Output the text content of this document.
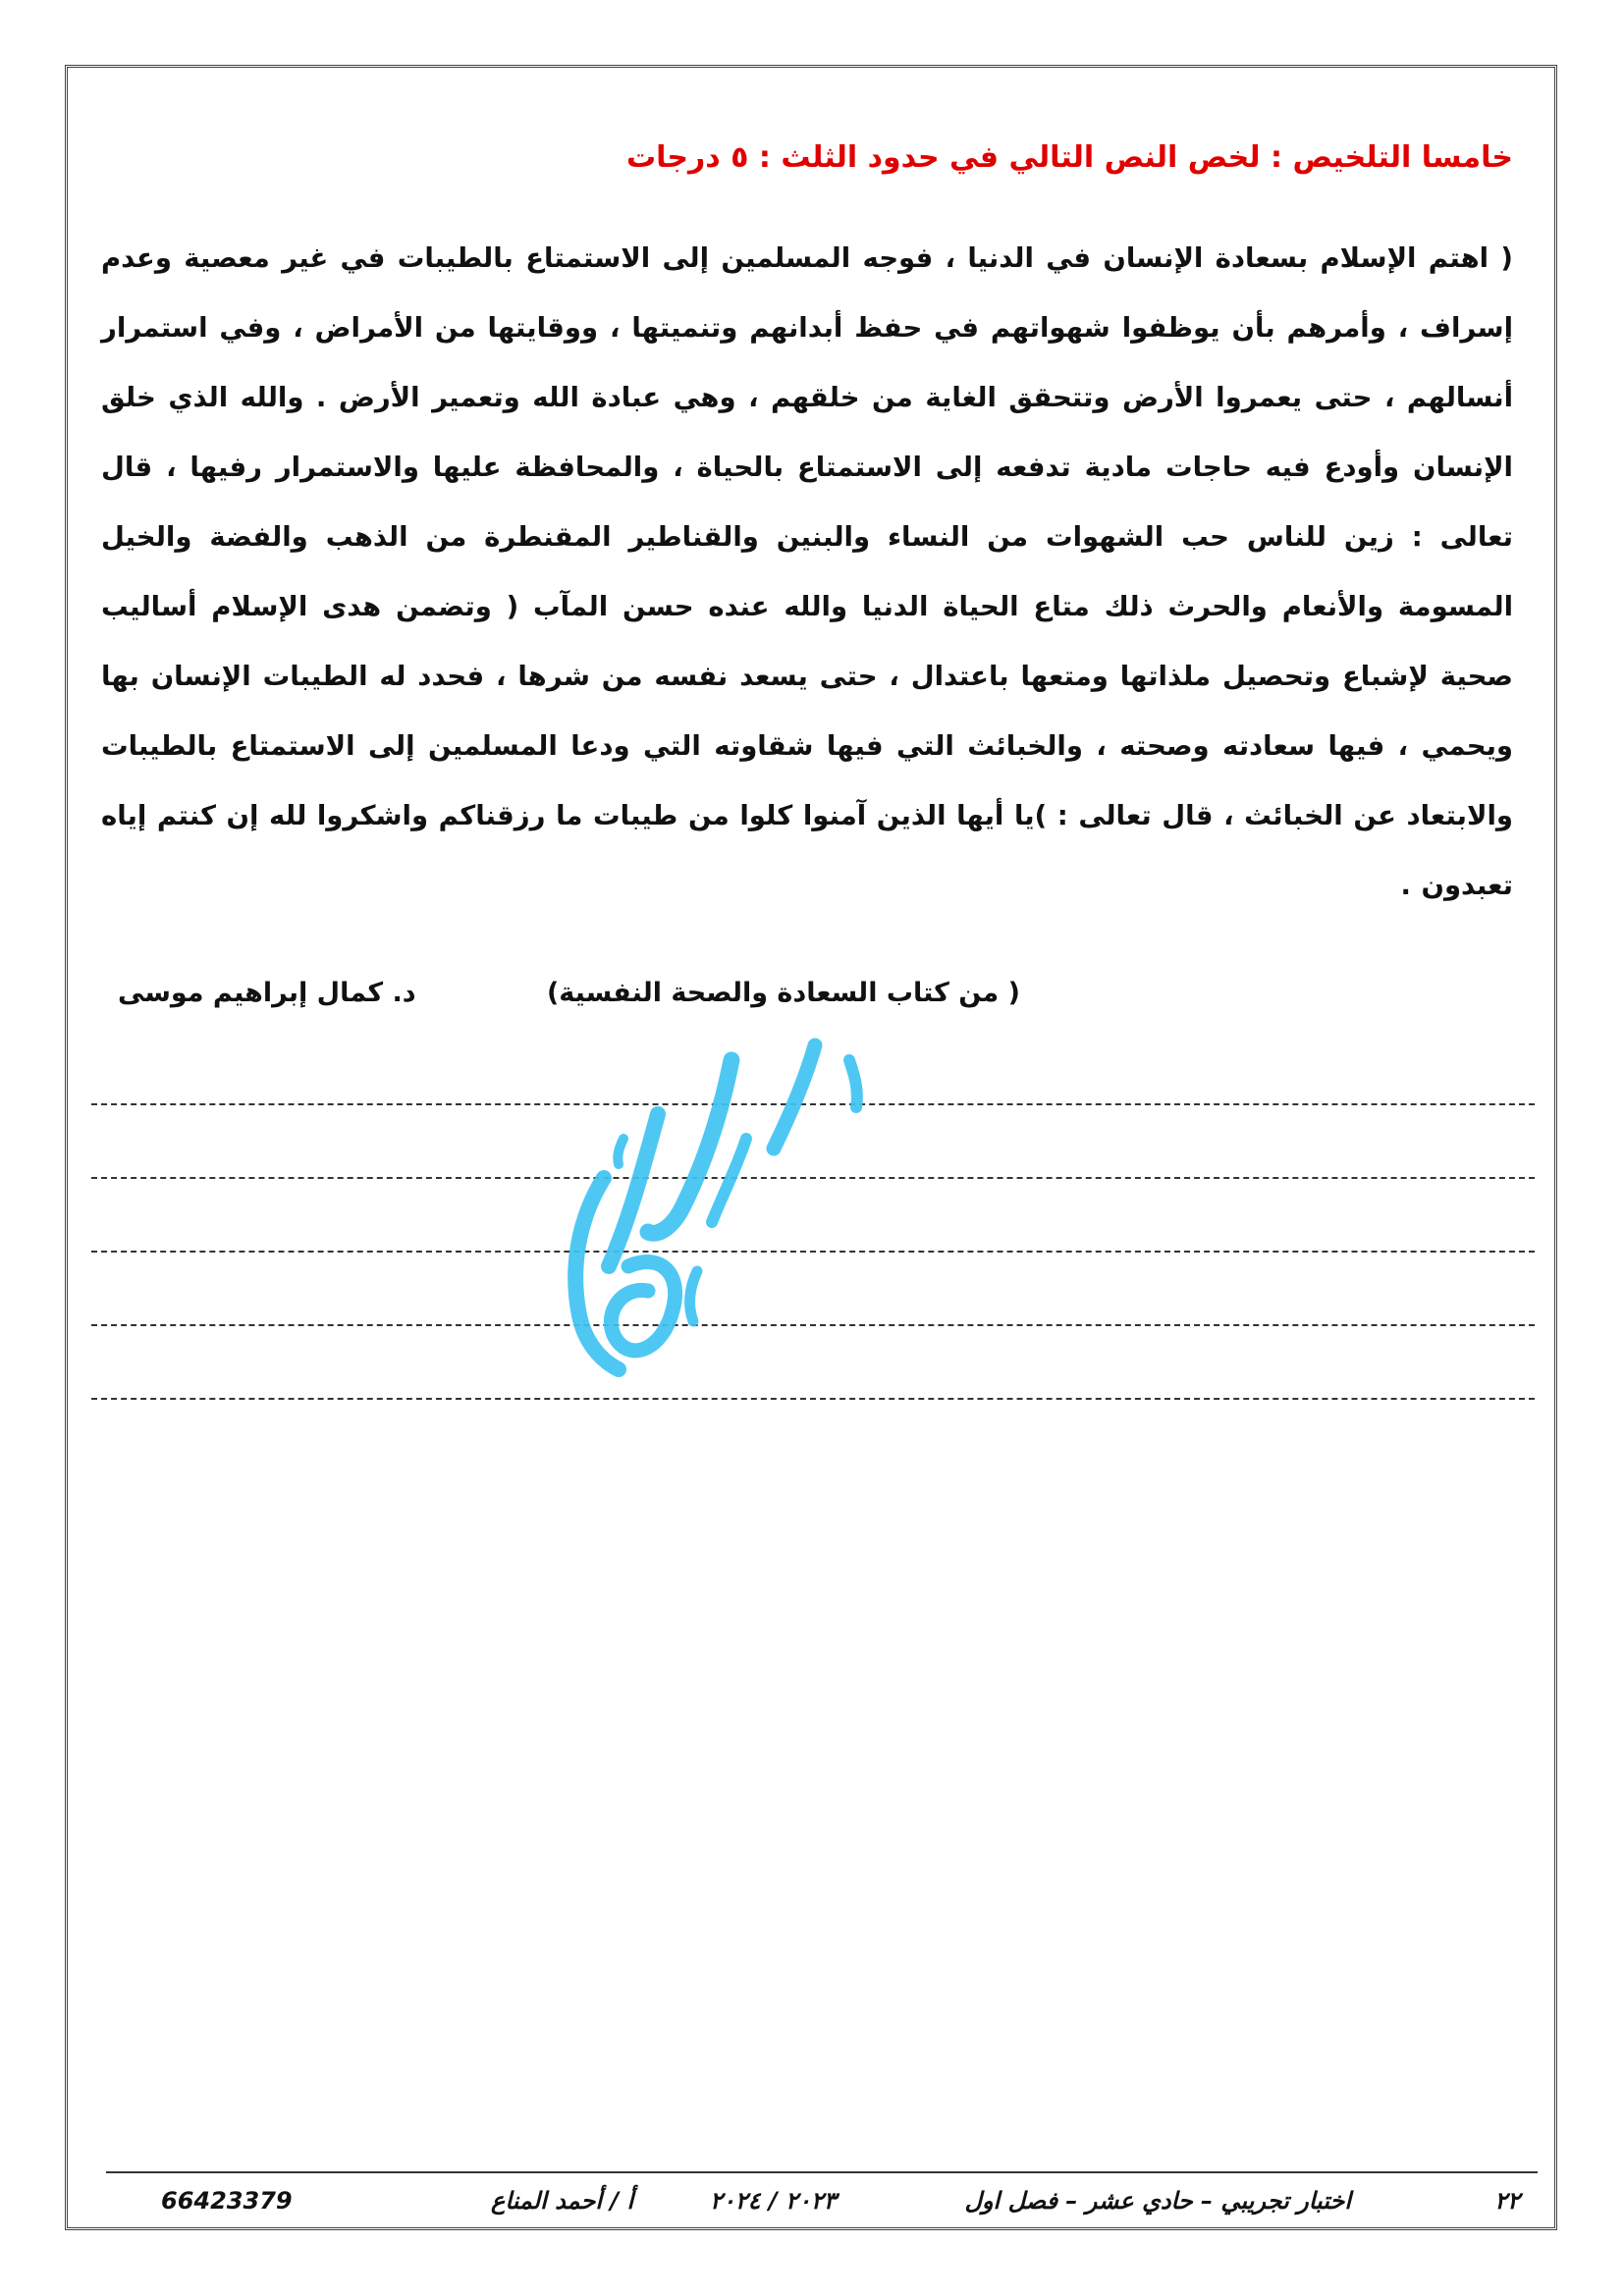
خامسا التلخيص : لخص النص التالي في حدود الثلث : ٥ درجات

( اهتم الإسلام بسعادة الإنسان في الدنيا ، فوجه المسلمين إلى الاستمتاع بالطيبات في غير معصية وعدم إسراف ، وأمرهم بأن يوظفوا شهواتهم في حفظ أبدانهم وتنميتها ، ووقايتها من الأمراض ، وفي استمرار أنسالهم ، حتى يعمروا الأرض وتتحقق الغاية من خلقهم ، وهي عبادة الله وتعمير الأرض . والله الذي خلق الإنسان وأودع فيه حاجات مادية تدفعه إلى الاستمتاع بالحياة ، والمحافظة عليها والاستمرار رفيها ، قال تعالى : زين للناس حب الشهوات من النساء والبنين والقناطير المقنطرة من الذهب والفضة والخيل المسومة والأنعام والحرث ذلك متاع الحياة الدنيا والله عنده حسن المآب ( وتضمن هدى الإسلام أساليب صحية لإشباع وتحصيل ملذاتها ومتعها باعتدال ، حتى يسعد نفسه من شرها ، فحدد له الطيبات الإنسان بها ويحمي ، فيها سعادته وصحته ، والخبائث التي فيها شقاوته التي ودعا المسلمين إلى الاستمتاع بالطيبات والابتعاد عن الخبائث ، قال تعالى : )يا أيها الذين آمنوا كلوا من طيبات ما رزقناكم واشكروا لله إن كنتم إياه تعبدون .

( من كتاب السعادة والصحة النفسية)
د. كمال إبراهيم موسى
٢٢
اختبار تجريبي – حادي عشر – فصل اول
٢٠٢٣ / ٢٠٢٤
أ / أحمد المناع
66423379
